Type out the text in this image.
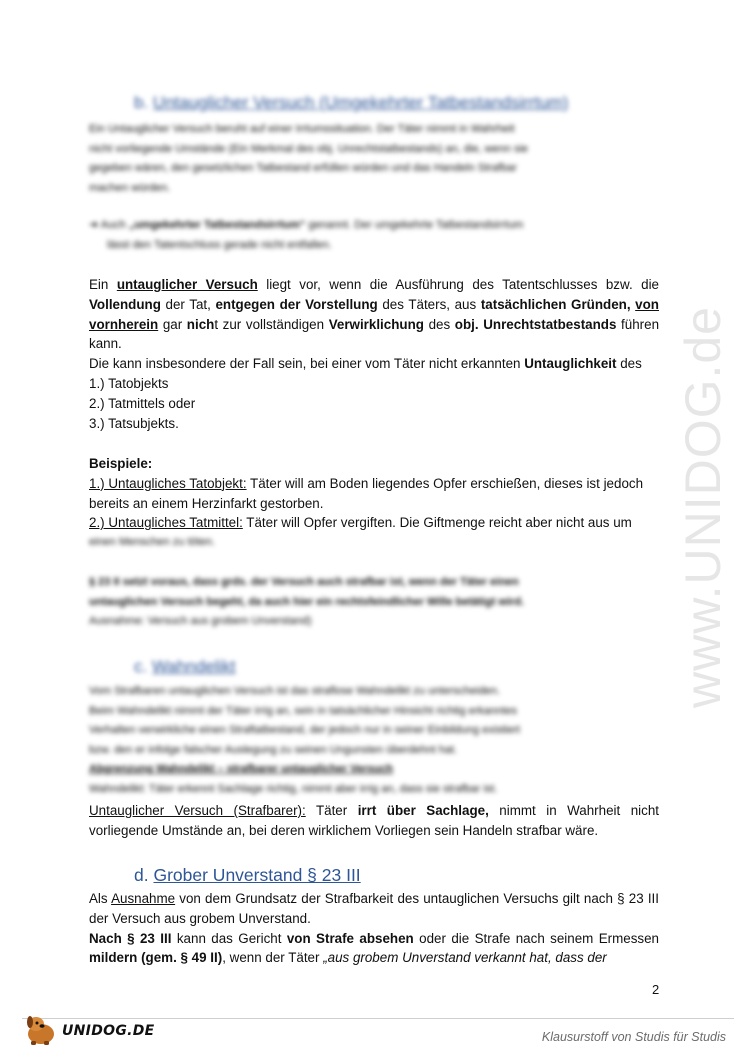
www.UNIDOG.de
b. Untauglicher Versuch (Umgekehrter Tatbestandsirrtum)

Ein Untauglicher Versuch beruht auf einer Irrtumssituation. Der Täter nimmt in Wahrheit

nicht vorliegende Umstände (Ein Merkmal des obj. Unrechtstatbestands) an, die, wenn sie

gegeben wären, den gesetzlichen Tatbestand erfüllen würden und das Handeln Strafbar

machen würden.

➜ Auch „umgekehrter Tatbestandsirrtum“ genannt. Der umgekehrte Tatbestandsirrtum

lässt den Tatentschluss gerade nicht entfallen.

Ein untauglicher Versuch liegt vor, wenn die Ausführung des Tatentschlusses bzw. die Vollendung der Tat, entgegen der Vorstellung des Täters, aus tatsächlichen Gründen, von vornherein gar nicht zur vollständigen Verwirklichung des obj. Unrechtstatbestands führen kann.

Die kann insbesondere der Fall sein, bei einer vom Täter nicht erkannten Untauglichkeit des

1.) Tatobjekts

2.) Tatmittels oder

3.) Tatsubjekts.

Beispiele:

1.) Untaugliches Tatobjekt: Täter will am Boden liegendes Opfer erschießen, dieses ist jedoch bereits an einem Herzinfarkt gestorben.

2.) Untaugliches Tatmittel: Täter will Opfer vergiften. Die Giftmenge reicht aber nicht aus um

einen Menschen zu töten.

§ 23 II setzt voraus, dass grds. der Versuch auch strafbar ist, wenn der Täter einen

untauglichen Versuch begeht, da auch hier ein rechtsfeindlicher Wille betätigt wird.

Ausnahme: Versuch aus grobem Unverstand)

c. Wahndelikt

Vom Strafbaren untauglichen Versuch ist das straflose Wahndelikt zu unterscheiden.

Beim Wahndelikt nimmt der Täter irrig an, sein in tatsächlicher Hinsicht richtig erkanntes

Verhalten verwirkliche einen Straftatbestand, der jedoch nur in seiner Einbildung existiert

bzw. den er infolge falscher Auslegung zu seinen Ungunsten überdehnt hat.

Abgrenzung Wahndelikt – strafbarer untauglicher Versuch

Wahndelikt: Täter erkennt Sachlage richtig, nimmt aber irrig an, dass sie strafbar ist.

Untauglicher Versuch (Strafbarer): Täter irrt über Sachlage, nimmt in Wahrheit nicht vorliegende Umstände an, bei deren wirklichem Vorliegen sein Handeln strafbar wäre.

d. Grober Unverstand § 23 III

Als Ausnahme von dem Grundsatz der Strafbarkeit des untauglichen Versuchs gilt nach § 23 III der Versuch aus grobem Unverstand.

Nach § 23 III kann das Gericht von Strafe absehen oder die Strafe nach seinem Ermessen mildern (gem. § 49 II), wenn der Täter „aus grobem Unverstand verkannt hat, dass der

2
UNIDOG.DE	Klausurstoff von Studis für Studis
